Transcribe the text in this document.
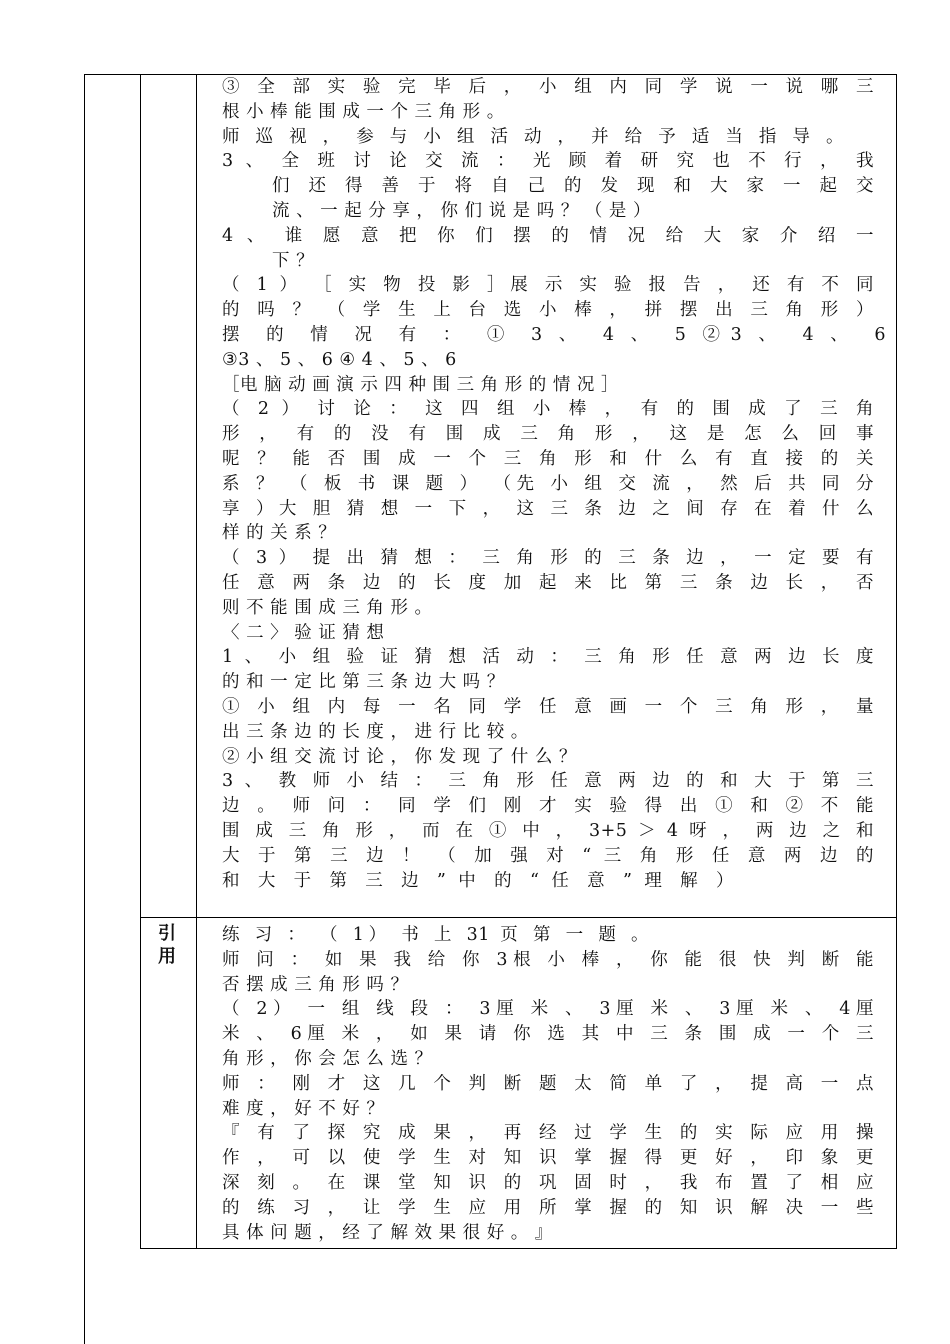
③ 全 部 实 验 完 毕 后 ， 小 组 内 同 学 说 一 说 哪 三

根 小 棒 能 围 成 一 个 三 角 形 。

师 巡 视 ， 参 与 小 组 活 动 ， 并 给 予 适 当 指 导 。

3 、 全 班 讨 论 交 流 ： 光 顾 着 研 究 也 不 行 ， 我

们 还 得 善 于 将 自 己 的 发 现 和 大 家 一 起 交

流 、 一 起 分 享 ， 你 们 说 是 吗 ？ （ 是 ）

4 、 谁 愿 意 把 你 们 摆 的 情 况 给 大 家 介 绍 一

下 ？

（ 1 ） ［ 实 物 投 影 ］展 示 实 验 报 告 ， 还 有 不 同

的 吗 ？ （ 学 生 上 台 选 小 棒 ， 拼 摆 出 三 角 形 ）

摆 的 情 况 有 ： ① 3 、 4 、 5 ②3 、 4 、 6

③3 、 5 、 6 ④ 4 、 5 、 6

［电 脑 动 画 演 示 四 种 围 三 角 形 的 情 况 ］

（ 2 ） 讨 论 ： 这 四 组 小 棒 ， 有 的 围 成 了 三 角

形 ， 有 的 没 有 围 成 三 角 形 ， 这 是 怎 么 回 事

呢 ？ 能 否 围 成 一 个 三 角 形 和 什 么 有 直 接 的 关

系 ？ （ 板 书 课 题 ） （先 小 组 交 流 ， 然 后 共 同 分

享 ）大 胆 猜 想 一 下 ， 这 三 条 边 之 间 存 在 着 什 么

样 的 关 系 ？

（ 3 ） 提 出 猜 想 ： 三 角 形 的 三 条 边 ， 一 定 要 有

任 意 两 条 边 的 长 度 加 起 来 比 第 三 条 边 长 ， 否

则 不 能 围 成 三 角 形 。

〈 二 〉 验 证 猜 想

1 、 小 组 验 证 猜 想 活 动 ： 三 角 形 任 意 两 边 长 度

的 和 一 定 比 第 三 条 边 大 吗 ？

① 小 组 内 每 一 名 同 学 任 意 画 一 个 三 角 形 ， 量

出 三 条 边 的 长 度 ， 进 行 比 较 。

② 小 组 交 流 讨 论 ， 你 发 现 了 什 么 ？

3 、 教 师 小 结 ： 三 角 形 任 意 两 边 的 和 大 于 第 三

边 。 师 问 ： 同 学 们 刚 才 实 验 得 出 ① 和 ② 不 能

围 成 三 角 形 ， 而 在 ① 中 ， 3+5 ＞ 4 呀 ， 两 边 之 和

大 于 第 三 边 ！ （ 加 强 对 “ 三 角 形 任 意 两 边 的

和 大 于 第 三 边 ” 中 的 “ 任 意 ” 理 解 ）

引
用

练 习 ： （ 1） 书 上 31 页 第 一 题 。

师 问 ： 如 果 我 给 你 3根 小 棒 ， 你 能 很 快 判 断 能

否 摆 成 三 角 形 吗 ？

（ 2） 一 组 线 段 ： 3厘 米 、 3厘 米 、 3厘 米 、 4厘

米 、 6厘 米 ， 如 果 请 你 选 其 中 三 条 围 成 一 个 三

角 形 ， 你 会 怎 么 选 ？

师 ： 刚 才 这 几 个 判 断 题 太 简 单 了 ， 提 高 一 点

难 度 ， 好 不 好 ？

『 有 了 探 究 成 果 ， 再 经 过 学 生 的 实 际 应 用 操

作 ， 可 以 使 学 生 对 知 识 掌 握 得 更 好 ， 印 象 更

深 刻 。 在 课 堂 知 识 的 巩 固 时 ， 我 布 置 了 相 应

的 练 习 ， 让 学 生 应 用 所 掌 握 的 知 识 解 决 一 些

具 体 问 题 ， 经 了 解 效 果 很 好 。 』
